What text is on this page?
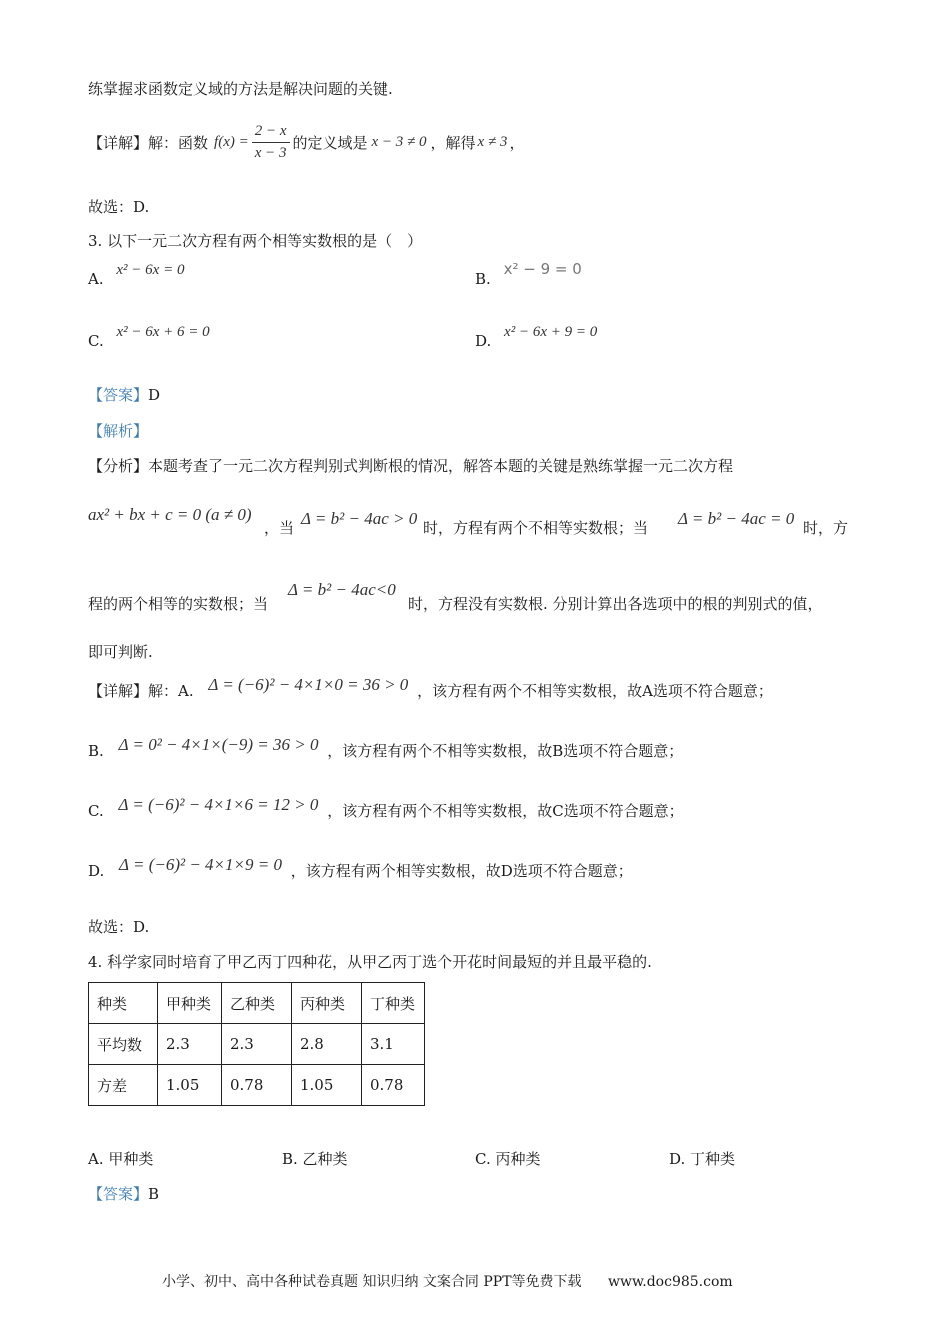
练掌握求函数定义域的方法是解决问题的关键.
【详解】 解：函数 $f(x) = \frac{2 - x}{x - 3}$ 的定义域是 x − 3 ≠ 0 ，解得 x ≠ 3 ，
故选：D.
3. 以下一元二次方程有两个相等实数根的是（　）
A. x² − 6x = 0	B. x² − 9 = 0
C. x² − 6x + 6 = 0	D. x² − 6x + 9 = 0
【答案】D
【解析】
【分析】本题考查了一元二次方程判别式判断根的情况，解答本题的关键是熟练掌握一元二次方程
ax² + bx + c = 0 (a ≠ 0)
，当 Δ = b² − 4ac > 0 时，方程有两个不相等实数根；当 Δ = b² − 4ac = 0 时，方
程的两个相等的实数根；当
Δ = b² − 4ac<0
时，方程没有实数根. 分别计算出各选项中的根的判别式的值，
即可判断.
【详解】解：A. Δ = (−6)² − 4×1×0 = 36 > 0 ，该方程有两个不相等实数根，故A选项不符合题意；
B. Δ = 0² − 4×1×(−9) = 36 > 0 ，该方程有两个不相等实数根，故B选项不符合题意；
C. Δ = (−6)² − 4×1×6 = 12 > 0 ，该方程有两个不相等实数根，故C选项不符合题意；
D. Δ = (−6)² − 4×1×9 = 0 ，该方程有两个相等实数根，故D选项不符合题意；
故选：D.
4. 科学家同时培育了甲乙丙丁四种花，从甲乙丙丁选个开花时间最短的并且最平稳的.
种类	甲种类	乙种类	丙种类	丁种类
平均数	2.3	2.3	2.8	3.1
方差	1.05	0.78	1.05	0.78
A. 甲种类	B. 乙种类	C. 丙种类	D. 丁种类
【答案】B
小学、初中、高中各种试卷真题 知识归纳 文案合同 PPT等免费下载 www.doc985.com
